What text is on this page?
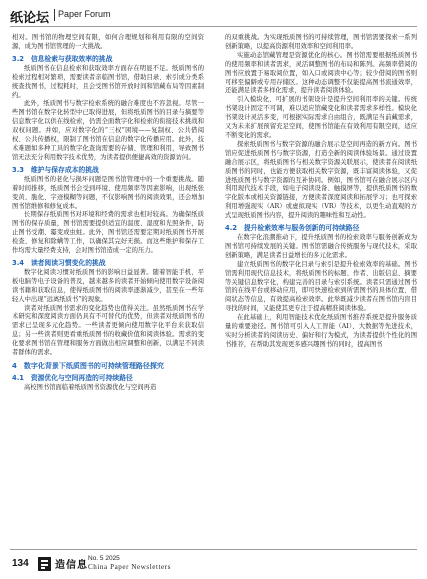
纸论坛 Paper Forum
相对。图书馆的物理空间有限，如何合理规划和利用有限的空间资源，成为图书馆管理的一大挑战。
3.2　信息检索与获取效率的挑战
纸质图书在信息检索和获取效率方面存在明显不足。纸质图书的检索过程相对繁琐，需要读者亲临图书馆，借助目录、索引或分类系统查找图书，过程耗时，且会受图书馆开放时间和馆藏布局等因素制约。
此外，纸质图书与数字检索系统的融合难度也不容忽视。尽管一些图书馆在数字化转型中已取得进展，但将纸质图书的目录与摘要等信息数字化以供在线检索，仍需全面数字化和检索的衔接技术挑战和双权问题。并如，应对数字化的“三权”困境——复制权、公共借阅权、公共传播权，限制了图书馆在信息的数字化传播应用。此外，技术难题如多种工具的数字化查询需要的存储、管理和利用，导致图书馆无法充分利用数字技术优势，为读者提供便捷高效的资源访问。
3.3　维护与保存成本的挑战
纸质图书的老化与损坏问题是图书馆管理中的一个重要挑战。随着时间推移，纸质图书会受到环境、使用频率等因素影响，出现纸张变黄、脆化、字迹模糊等问题，不仅影响图书的阅读效果，还会增加图书馆维修和修复成本。
长期保存纸质图书对环境和经费的需求也相对较高。为确保纸质图书的保存质量，图书馆需要提供适宜的温度、湿度和光照条件，防止图书受潮、霉变或虫蛀。此外，图书馆还需要定期对纸质图书开展检查、修复和除螨等工作，以确保其完好无损。而这些维护和保存工作均需大量经费支持，会对图书馆造成一定的压力。
3.4　读者阅读习惯变化的挑战
数字化阅读习惯对纸质图书的影响日益显著。随着智能手机、平板电脑等电子设备的普及，越来越多的读者开始倾向使用数字设备阅读书籍和获取信息，使得纸质图书的阅读率逐渐减少，甚至在一些年轻人中出现“远离纸质书”的现象。
读者对纸质图书需求的变化趋势也值得关注。虽然纸质图书在学术研究和深度阅读方面仍具有不可替代的优势，但读者对纸质图书的需求已呈现多元化趋势。一些读者更倾向使用数字化平台来获取信息；另一些读者则更看重纸质图书的收藏价值和阅读体验。需求的变化要求图书馆在管理和服务方面做出相应调整和创新，以满足不同读者群体的需求。
4　数字化背景下纸质图书的可持续管理路径探究
4.1　资源优化与空间再造的可持续路径
高校图书馆面临着纸质图书资源优化与空间再造
的双重挑战。为实现纸质图书的可持续管理，图书馆需要探索一系列创新策略，以提高资源利用效率和空间利用率。
实施动态馆藏管理是资源优化的核心。图书馆需要根据纸质图书的使用频率和读者需求，灵活调整图书的布局和陈列。高频率借阅的图书应放置于易取阅位置，如入口或阅读中心等；较少借阅的图书则可移至偏僻或专用存储区。这种动态调整不仅能提高图书流通效率，还能满足读者多样化需求，提升读者阅读体验。
引入模块化、可扩展的书架设计是提升空间利用率的关键。传统书架设计固定不可调，难以适应馆藏变化和读者需求多样性。模块化书架设计灵活多变，可根据实际需求自由组合，既满足当前藏需求，又为未来扩展预留充足空间，使图书馆能在有效利用有限空间，适应不断变化的需求。
探索纸质图书与数字资源的融合展示是空间再造的新方向。图书馆应促进纸质图书与数字资源，打造全新的阅读体验场景。通过设置融合展示区，将纸质图书与相关数字资源关联展示，使读者在阅读纸质图书的同时，也能方便获取相关数字资源，既丰富阅读体验，又促进纸质图书与数字资源的互补协同。例如，图书馆可在融合展示区内利用现代技术手段，如电子阅读设备、触摸屏等，提供纸质图书的数字化版本或相关资源链接，方便读者深度阅读和拓展学习；也可探索利用增强现实（AR）或虚拟现实（VR）等技术，以更生动直观的方式呈现纸质图书内容，提升阅读的趣味性和互动性。
4.2　提升检索效率与服务创新的可持续路径
在数字化浪潮推动下，提升纸质图书的检索效率与服务创新成为图书馆可持续发展的关键。图书馆需融合传统服务与现代技术，采取创新策略，满足读者日益增长的多元化需求。
建立纸质图书的数字化目录与索引是提升检索效率的基础。图书馆需利用现代信息技术，将纸质图书的标题、作者、出版信息、摘要等关键信息数字化，构建完善的目录与索引系统。读者只需通过图书馆的在线平台或移动应用，即可快速检索到所需图书的具体位置、借阅状态等信息，有效提高检索效率。此举既减少读者在图书馆内盲目寻找的时间，又能使其更专注于提高精准阅读体验。
在此基础上，利用智能技术优化纸质图书推荐系统是提升服务质量的重要途径。图书馆可引入人工智能（AI）、大数据等先进技术，实时分析读者的阅读历史、偏好和行为模式，为读者提供个性化的图书推荐，在帮助其发现更多感兴趣图书的同时，提高图书
134	造信息
No. 5 2025
China Paper Newsletters
